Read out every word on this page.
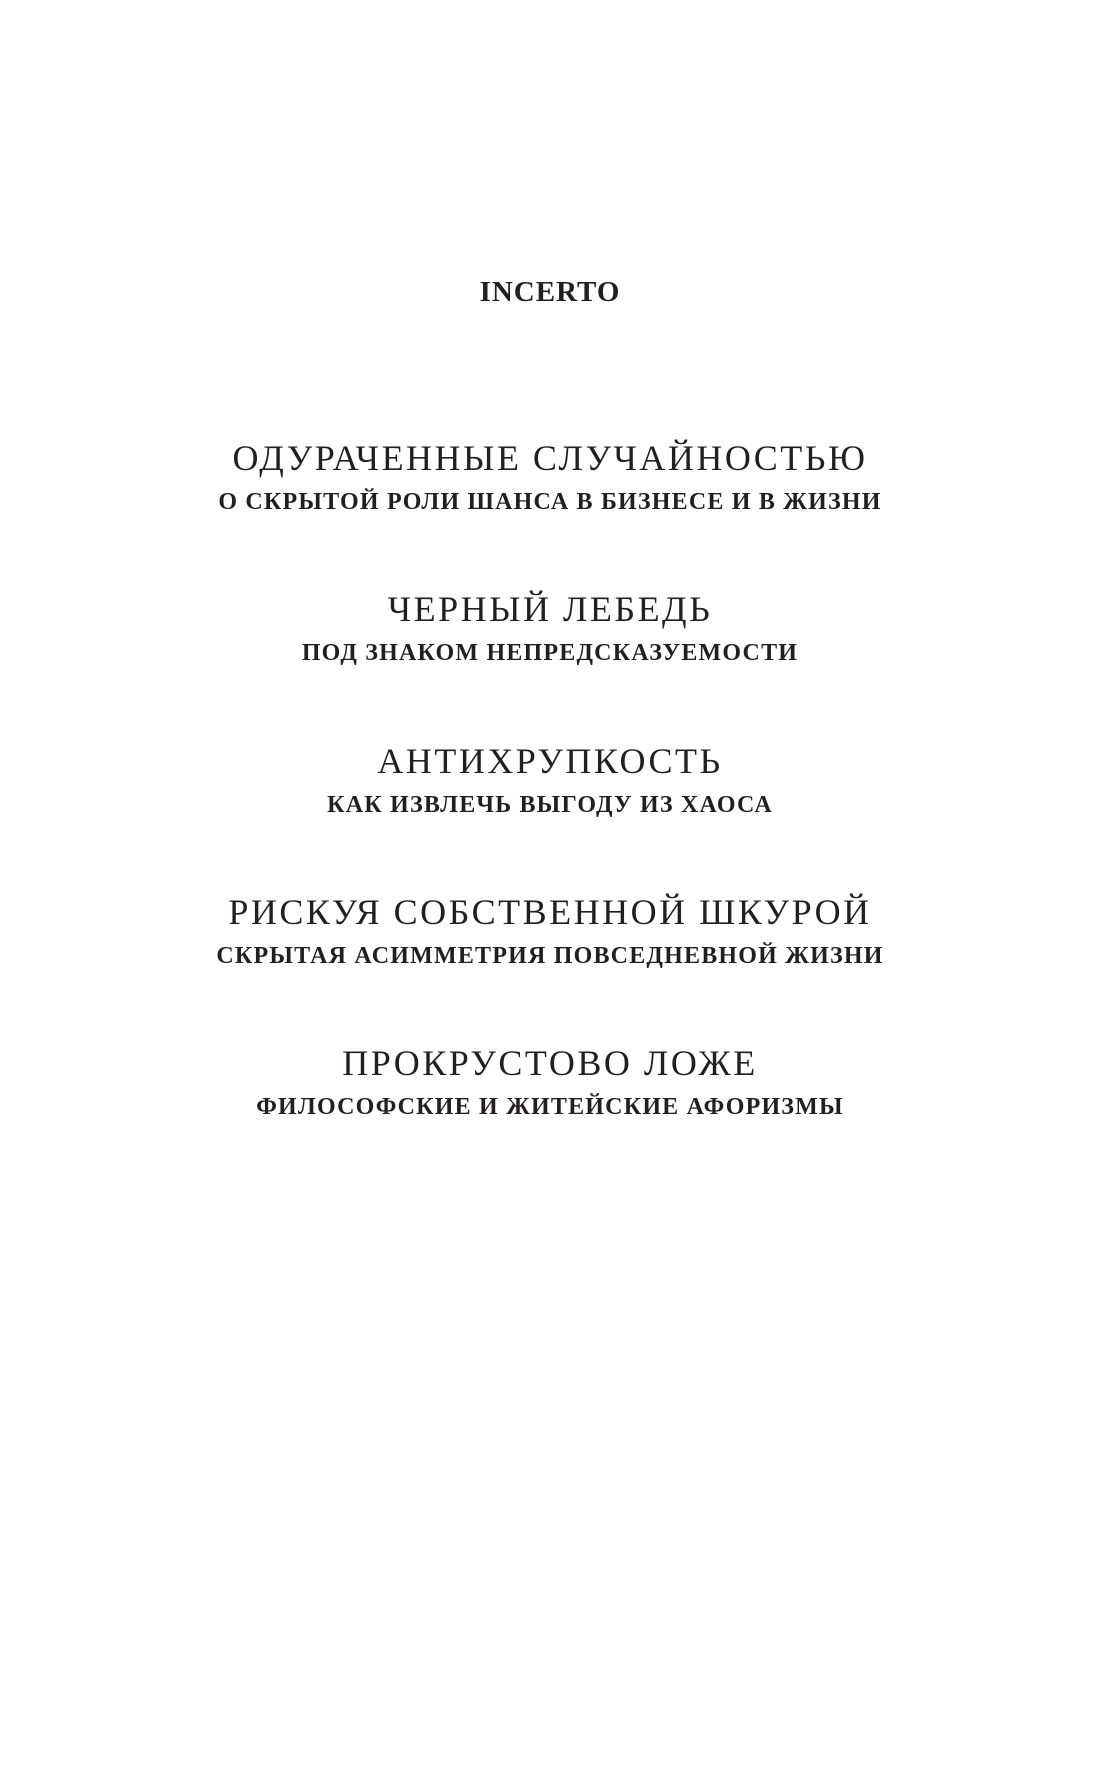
INCERTO
ОДУРАЧЕННЫЕ СЛУЧАЙНОСТЬЮ
О СКРЫТОЙ РОЛИ ШАНСА В БИЗНЕСЕ И В ЖИЗНИ
ЧЕРНЫЙ ЛЕБЕДЬ
ПОД ЗНАКОМ НЕПРЕДСКАЗУЕМОСТИ
АНТИХРУПКОСТЬ
КАК ИЗВЛЕЧЬ ВЫГОДУ ИЗ ХАОСА
РИСКУЯ СОБСТВЕННОЙ ШКУРОЙ
СКРЫТАЯ АСИММЕТРИЯ ПОВСЕДНЕВНОЙ ЖИЗНИ
ПРОКРУСТОВО ЛОЖЕ
ФИЛОСОФСКИЕ И ЖИТЕЙСКИЕ АФОРИЗМЫ
